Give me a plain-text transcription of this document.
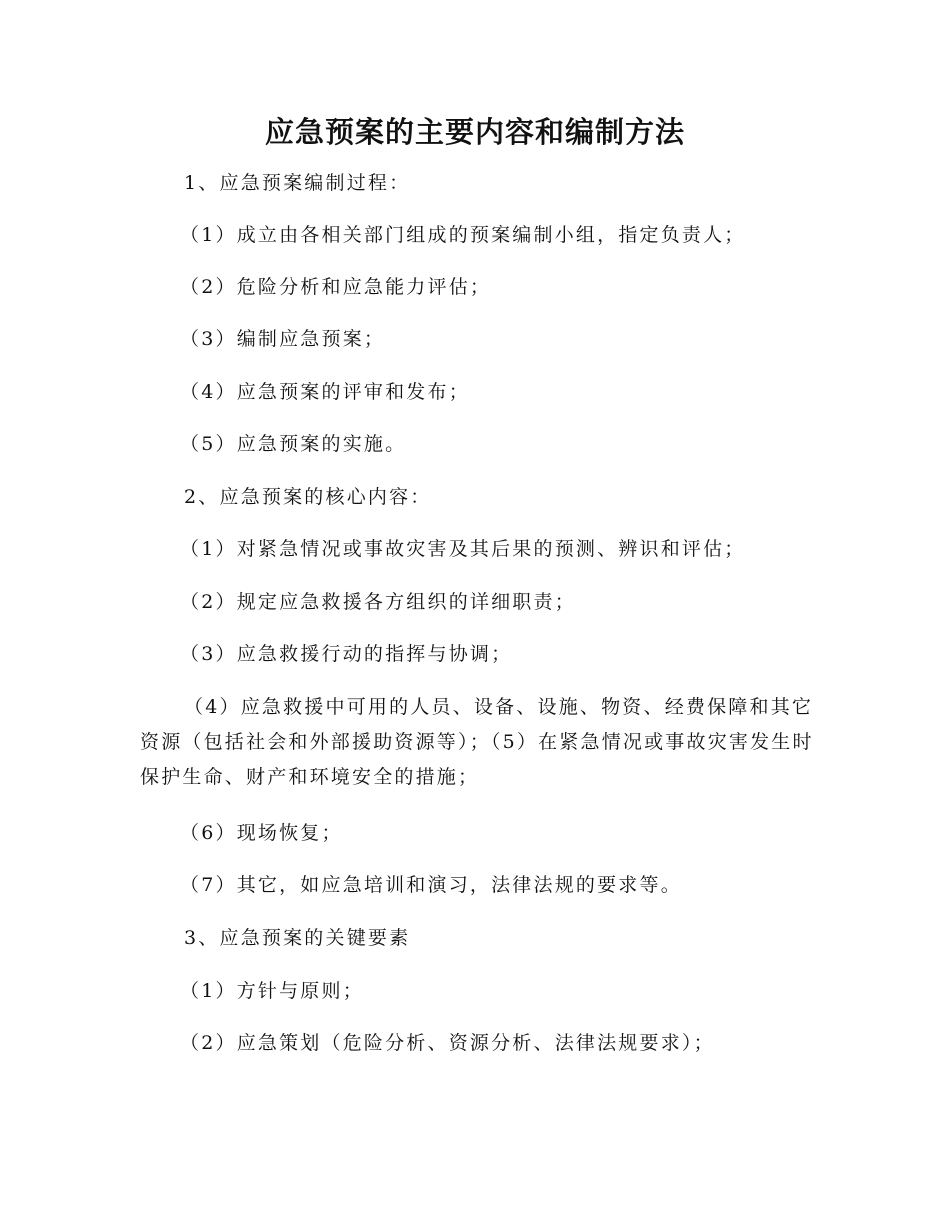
应急预案的主要内容和编制方法

1、应急预案编制过程：

（1）成立由各相关部门组成的预案编制小组，指定负责人；

（2）危险分析和应急能力评估；

（3）编制应急预案；

（4）应急预案的评审和发布；

（5）应急预案的实施。

2、应急预案的核心内容：

（1）对紧急情况或事故灾害及其后果的预测、辨识和评估；

（2）规定应急救援各方组织的详细职责；

（3）应急救援行动的指挥与协调；

（4）应急救援中可用的人员、设备、设施、物资、经费保障和其它资源（包括社会和外部援助资源等）；（5）在紧急情况或事故灾害发生时保护生命、财产和环境安全的措施；

（6）现场恢复；

（7）其它，如应急培训和演习，法律法规的要求等。

3、应急预案的关键要素

（1）方针与原则；

（2）应急策划（危险分析、资源分析、法律法规要求）；
